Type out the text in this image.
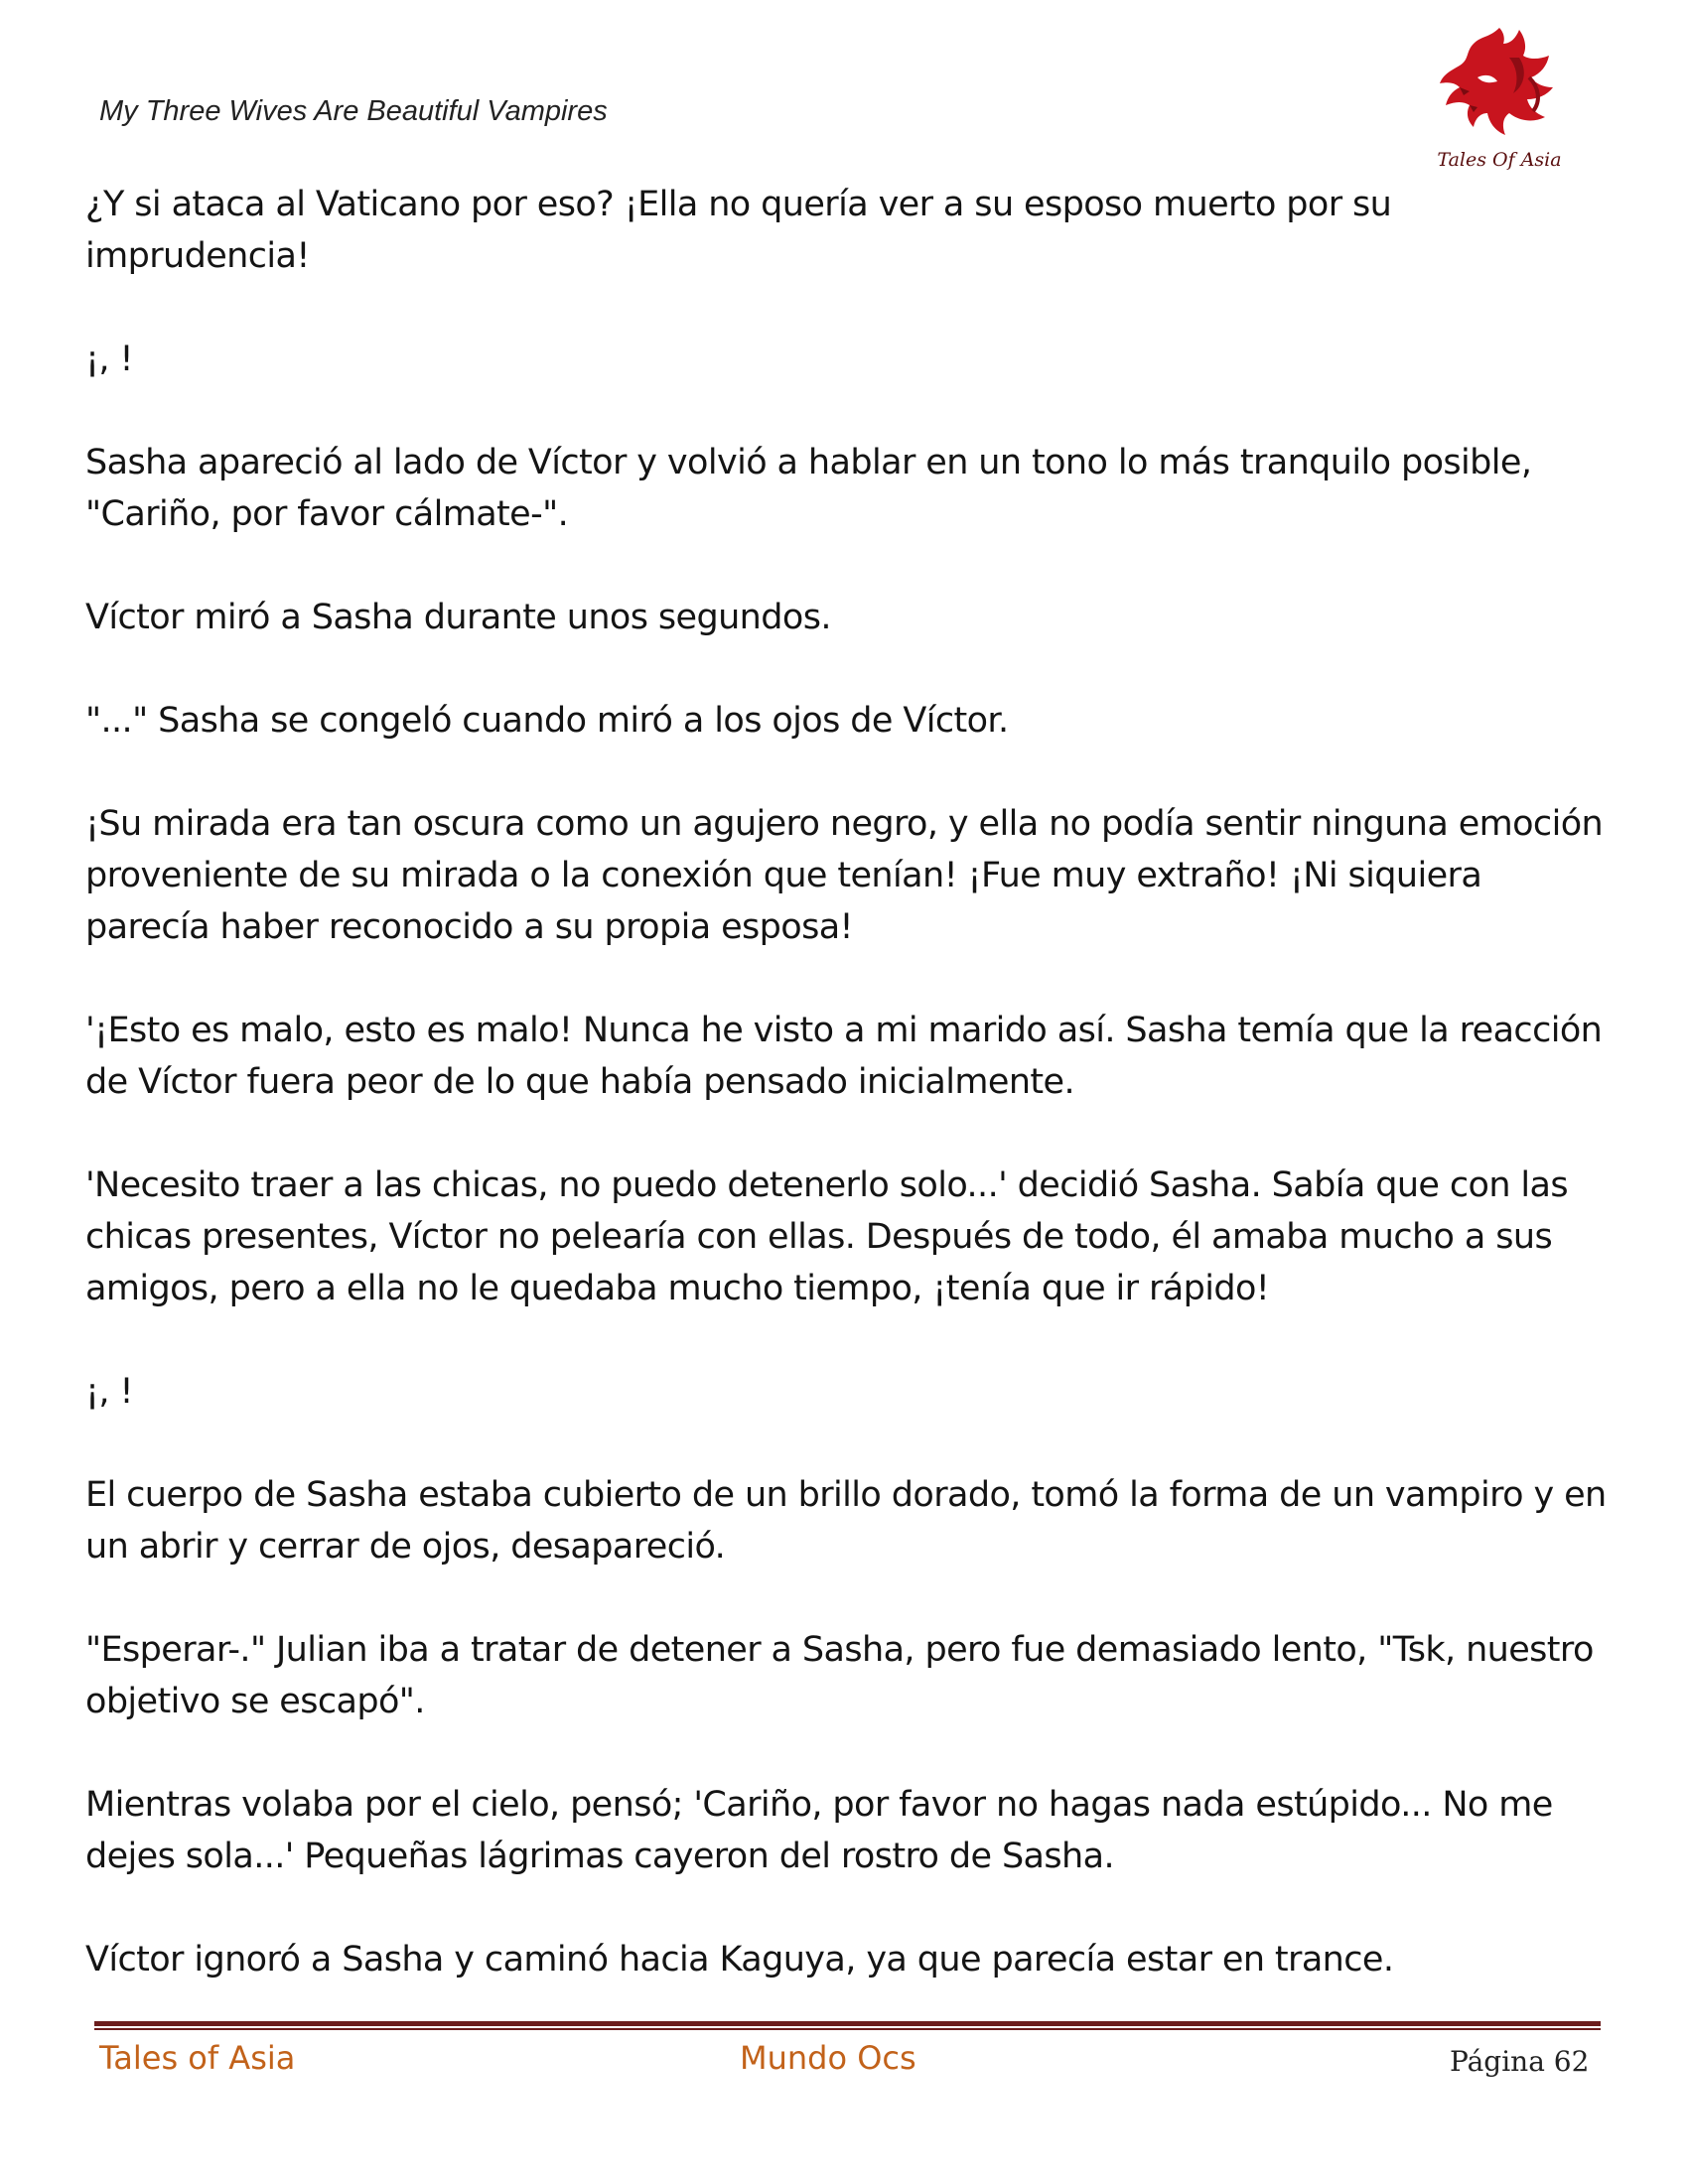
My Three Wives Are Beautiful Vampires
Tales Of Asia

¿Y si ataca al Vaticano por eso? ¡Ella no quería ver a su esposo muerto por su imprudencia!

¡, !

Sasha apareció al lado de Víctor y volvió a hablar en un tono lo más tranquilo posible, "Cariño, por favor cálmate-".

Víctor miró a Sasha durante unos segundos.

"..." Sasha se congeló cuando miró a los ojos de Víctor.

¡Su mirada era tan oscura como un agujero negro, y ella no podía sentir ninguna emoción proveniente de su mirada o la conexión que tenían! ¡Fue muy extraño! ¡Ni siquiera parecía haber reconocido a su propia esposa!

'¡Esto es malo, esto es malo! Nunca he visto a mi marido así. Sasha temía que la reacción de Víctor fuera peor de lo que había pensado inicialmente.

'Necesito traer a las chicas, no puedo detenerlo solo...' decidió Sasha. Sabía que con las chicas presentes, Víctor no pelearía con ellas. Después de todo, él amaba mucho a sus amigos, pero a ella no le quedaba mucho tiempo, ¡tenía que ir rápido!

¡, !

El cuerpo de Sasha estaba cubierto de un brillo dorado, tomó la forma de un vampiro y en un abrir y cerrar de ojos, desapareció.

"Esperar-." Julian iba a tratar de detener a Sasha, pero fue demasiado lento, "Tsk, nuestro objetivo se escapó".

Mientras volaba por el cielo, pensó; 'Cariño, por favor no hagas nada estúpido... No me dejes sola...' Pequeñas lágrimas cayeron del rostro de Sasha.

Víctor ignoró a Sasha y caminó hacia Kaguya, ya que parecía estar en trance.

Tales of Asia	Mundo Ocs	Página 62
